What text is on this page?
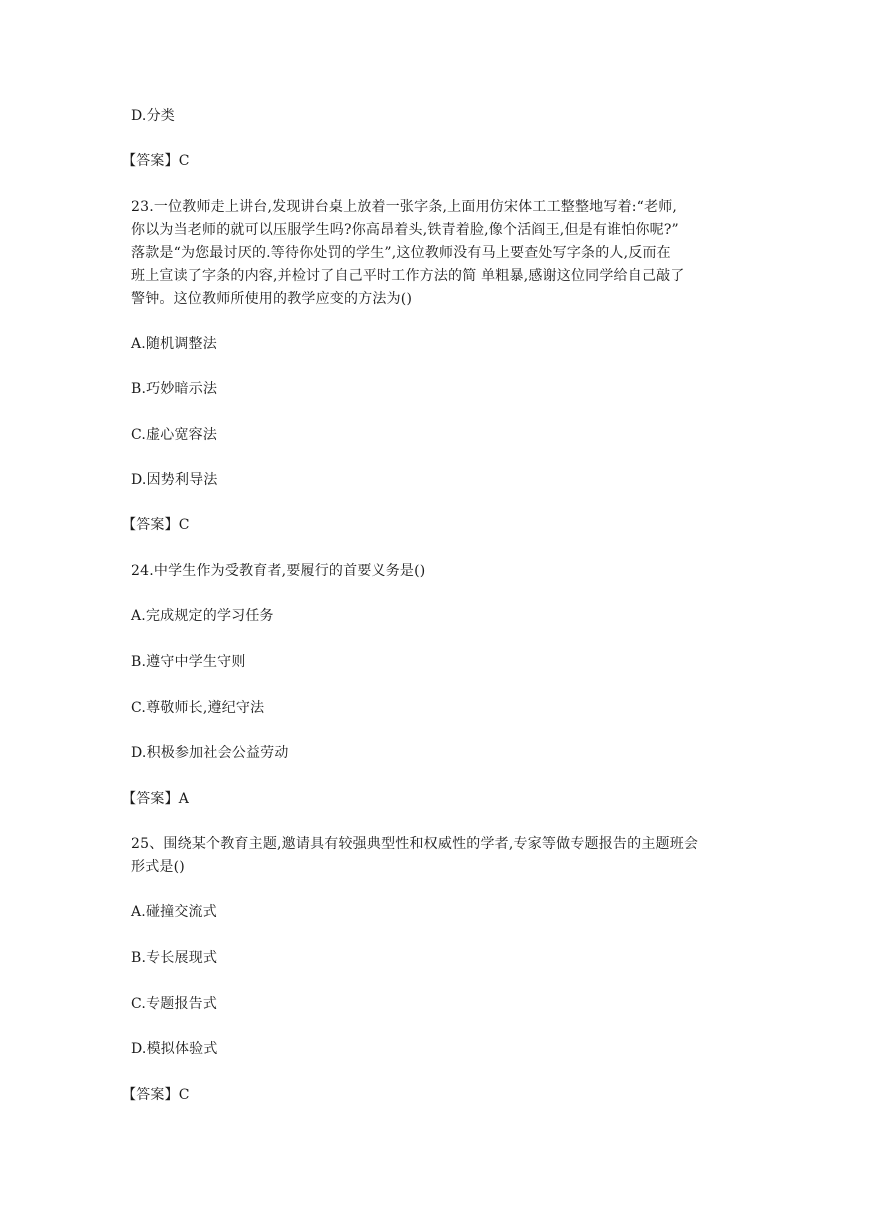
D.分类
【答案】C
23.一位教师走上讲台,发现讲台桌上放着一张字条,上面用仿宋体工工整整地写着:“老师,
你以为当老师的就可以压服学生吗?你高昂着头,铁青着脸,像个活阎王,但是有谁怕你呢?”
落款是“为您最讨厌的.等待你处罚的学生”,这位教师没有马上要查处写字条的人,反而在
班上宣读了字条的内容,并检讨了自己平时工作方法的简 单粗暴,感谢这位同学给自己敲了
警钟。这位教师所使用的教学应变的方法为()
A.随机调整法
B.巧妙暗示法
C.虚心宽容法
D.因势利导法
【答案】C
24.中学生作为受教育者,要履行的首要义务是()
A.完成规定的学习任务
B.遵守中学生守则
C.尊敬师长,遵纪守法
D.积极参加社会公益劳动
【答案】A
25、围绕某个教育主题,邀请具有较强典型性和权威性的学者,专家等做专题报告的主题班会
形式是()
A.碰撞交流式
B.专长展现式
C.专题报告式
D.模拟体验式
【答案】C
